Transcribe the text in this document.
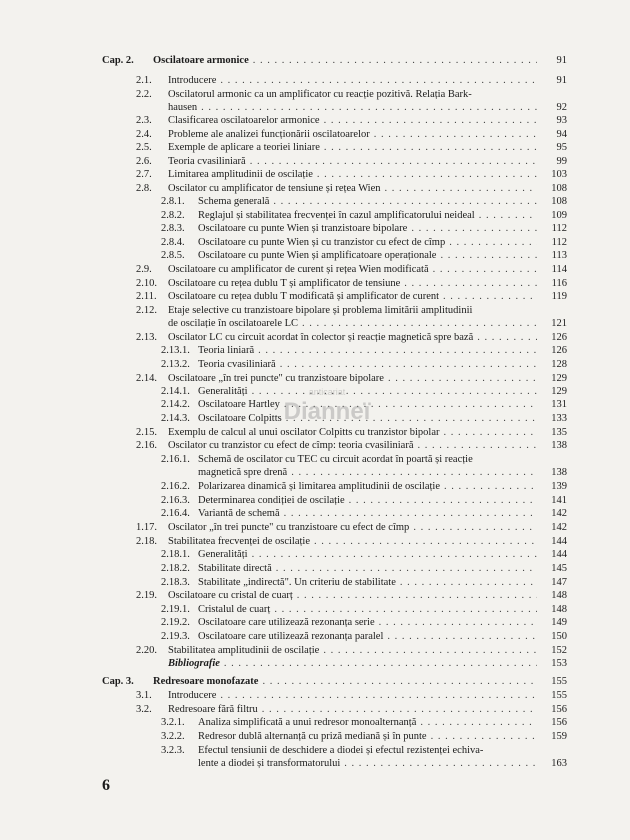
Cap. 2. Oscilatoare armonice . . .	91
2.1. Introducere . . .	91
2.2. Oscilatorul armonic ca un amplificator cu reacție pozitivă. Relația Bark-
hausen . . .	92
2.3. Clasificarea oscilatoarelor armonice . . .	93
2.4. Probleme ale analizei funcționării oscilatoarelor . . .	94
2.5. Exemple de aplicare a teoriei liniare . . .	95
2.6. Teoria cvasiliniară . . .	99
2.7. Limitarea amplitudinii de oscilație . . .	103
2.8. Oscilator cu amplificator de tensiune și rețea Wien . . .	108
2.8.1. Schema generală . . .	108
2.8.2. Reglajul și stabilitatea frecvenței în cazul amplificatorului neideal . . .	109
2.8.3. Oscilatoare cu punte Wien și tranzistoare bipolare . . .	112
2.8.4. Oscilatoare cu punte Wien și cu tranzistor cu efect de cîmp . . .	112
2.8.5. Oscilatoare cu punte Wien și amplificatoare operaționale . . .	113
2.9. Oscilatoare cu amplificator de curent și rețea Wien modificată . . .	114
2.10. Oscilatoare cu rețea dublu T și amplificator de tensiune . . .	116
2.11. Oscilatoare cu rețea dublu T modificată și amplificator de curent . . .	119
2.12. Etaje selective cu tranzistoare bipolare și problema limitării amplitudinii
de oscilație în oscilatoarele LC . . .	121
2.13. Oscilator LC cu circuit acordat în colector și reacție magnetică spre bază . . .	126
2.13.1. Teoria liniară . . .	126
2.13.2. Teoria cvasiliniară . . .	128
2.14. Oscilatoare „în trei puncte" cu tranzistoare bipolare . . .	129
2.14.1. Generalități . . .	129
2.14.2. Oscilatoare Hartley . . .	131
2.14.3. Oscilatoare Colpitts . . .	133
2.15. Exemplu de calcul al unui oscilator Colpitts cu tranzistor bipolar . . .	135
2.16. Oscilator cu tranzistor cu efect de cîmp: teoria cvasiliniară . . .	138
2.16.1. Schemă de oscilator cu TEC cu circuit acordat în poartă și reacție
magnetică spre drenă . . .	138
2.16.2. Polarizarea dinamică și limitarea amplitudinii de oscilație . . .	139
2.16.3. Determinarea condiției de oscilație . . .	141
2.16.4. Variantă de schemă . . .	142
1.17. Oscilator „în trei puncte" cu tranzistoare cu efect de cîmp . . .	142
2.18. Stabilitatea frecvenței de oscilație . . .	144
2.18.1. Generalități . . .	144
2.18.2. Stabilitate directă . . .	145
2.18.3. Stabilitate „indirectă". Un criteriu de stabilitate . . .	147
2.19. Oscilatoare cu cristal de cuarț . . .	148
2.19.1. Cristalul de cuarț . . .	148
2.19.2. Oscilatoare care utilizează rezonanța serie . . .	149
2.19.3. Oscilatoare care utilizează rezonanța paralel . . .	150
2.20. Stabilitatea amplitudinii de oscilație . . .	152
Bibliografie . . .	153
Cap. 3. Redresoare monofazate . . .	155
3.1. Introducere . . .	155
3.2. Redresoare fără filtru . . .	156
3.2.1. Analiza simplificată a unui redresor monoalternanță . . .	156
3.2.2. Redresor dublă alternanță cu priză mediană și în punte . . .	159
3.2.3. Efectul tensiunii de deschidere a diodei și efectul rezistenței echiva-
lente a diodei și transformatorului . . .	163
anticariat
Dianneï
6
